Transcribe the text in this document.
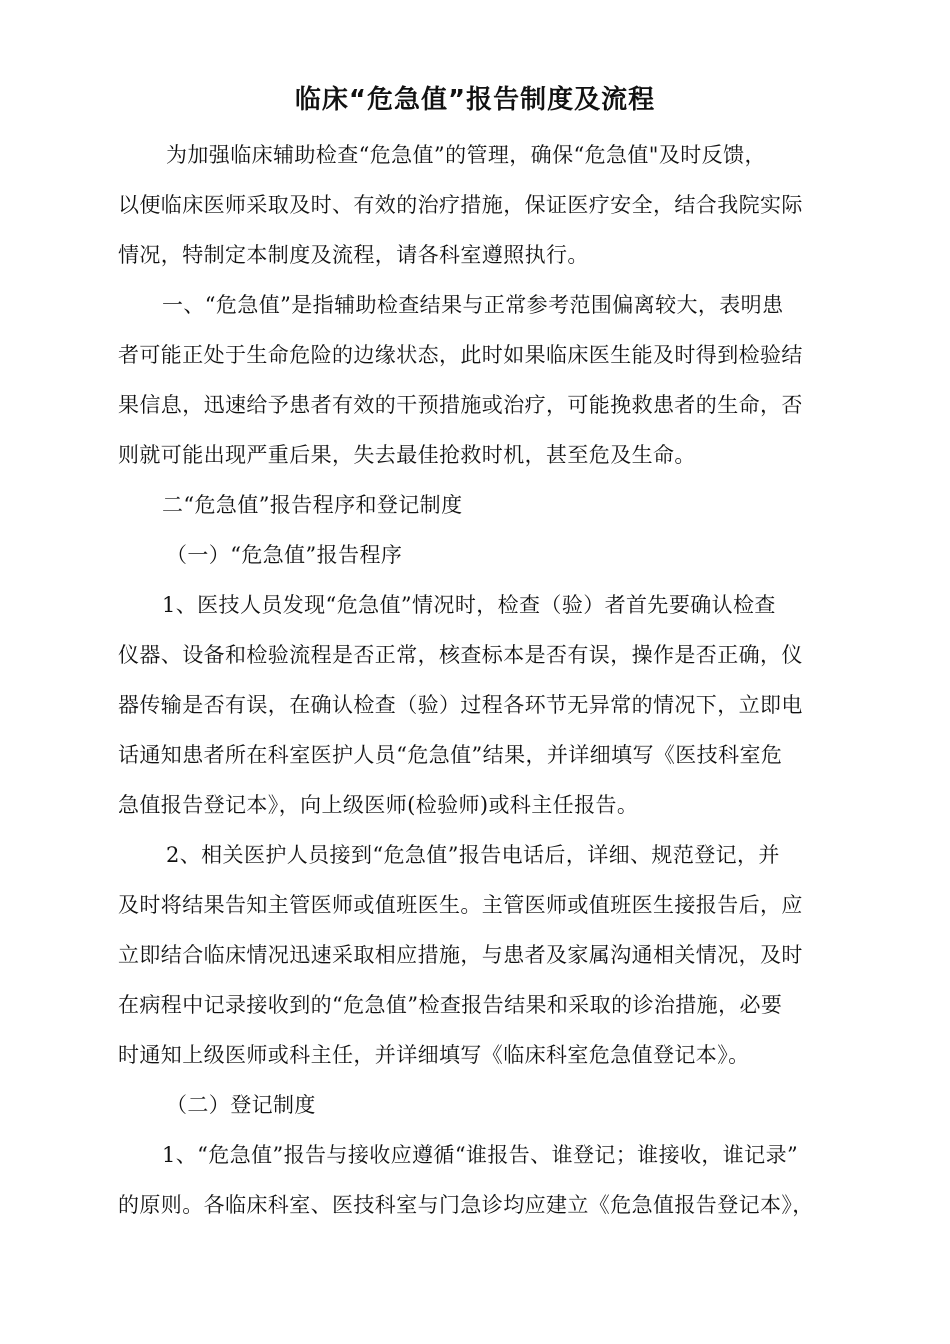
临床“危急值”报告制度及流程
为加强临床辅助检查“危急值”的管理，确保“危急值"及时反馈，
以便临床医师采取及时、有效的治疗措施，保证医疗安全，结合我院实际
情况，特制定本制度及流程，请各科室遵照执行。
一、“危急值”是指辅助检查结果与正常参考范围偏离较大，表明患
者可能正处于生命危险的边缘状态，此时如果临床医生能及时得到检验结
果信息，迅速给予患者有效的干预措施或治疗，可能挽救患者的生命，否
则就可能出现严重后果，失去最佳抢救时机，甚至危及生命。
二“危急值”报告程序和登记制度
（一）“危急值”报告程序
1、医技人员发现“危急值”情况时，检查（验）者首先要确认检查
仪器、设备和检验流程是否正常，核查标本是否有误，操作是否正确，仪
器传输是否有误，在确认检查（验）过程各环节无异常的情况下，立即电
话通知患者所在科室医护人员“危急值”结果，并详细填写《医技科室危
急值报告登记本》，向上级医师(检验师)或科主任报告。
2、相关医护人员接到“危急值”报告电话后，详细、规范登记，并
及时将结果告知主管医师或值班医生。主管医师或值班医生接报告后，应
立即结合临床情况迅速采取相应措施，与患者及家属沟通相关情况，及时
在病程中记录接收到的“危急值”检查报告结果和采取的诊治措施，必要
时通知上级医师或科主任，并详细填写《临床科室危急值登记本》。
（二）登记制度
1、“危急值”报告与接收应遵循“谁报告、谁登记；谁接收，谁记录”
的原则。各临床科室、医技科室与门急诊均应建立《危急值报告登记本》，
